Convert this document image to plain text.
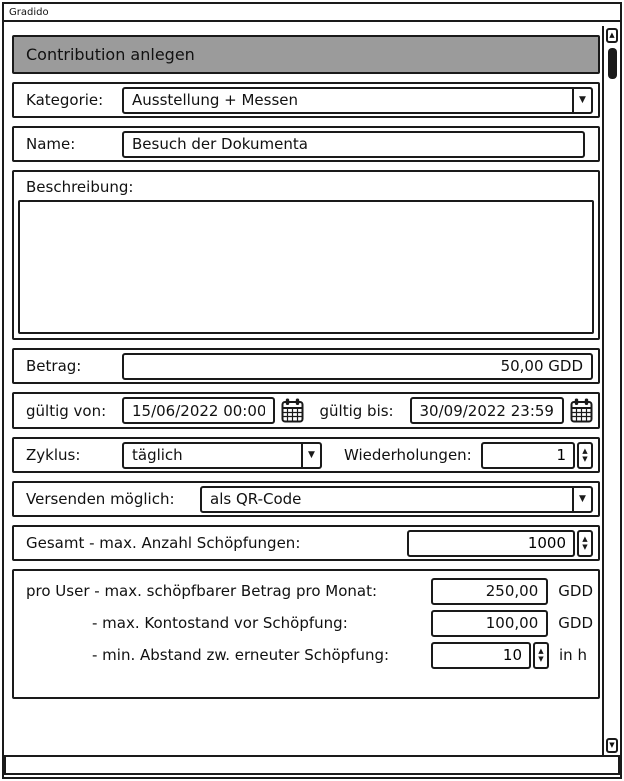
Gradido
Contribution anlegen
Kategorie:	Ausstellung + Messen	▼
Name:
Besuch der Dokumenta
Beschreibung:
Betrag:
50,00 GDD
gültig von:
15/06/2022 00:00	gültig bis:
30/09/2022 23:59
Zyklus:	täglich	▼	Wiederholungen:
1	▲
▼
Versenden möglich:	als QR-Code	▼
Gesamt - max. Anzahl Schöpfungen:
1000	▲
▼
pro User - max. schöpfbarer Betrag pro Monat:
250,00	GDD
- max. Kontostand vor Schöpfung:
100,00	GDD
- min. Abstand zw. erneuter Schöpfung:
10	▲
▼ in h
▲
▼
